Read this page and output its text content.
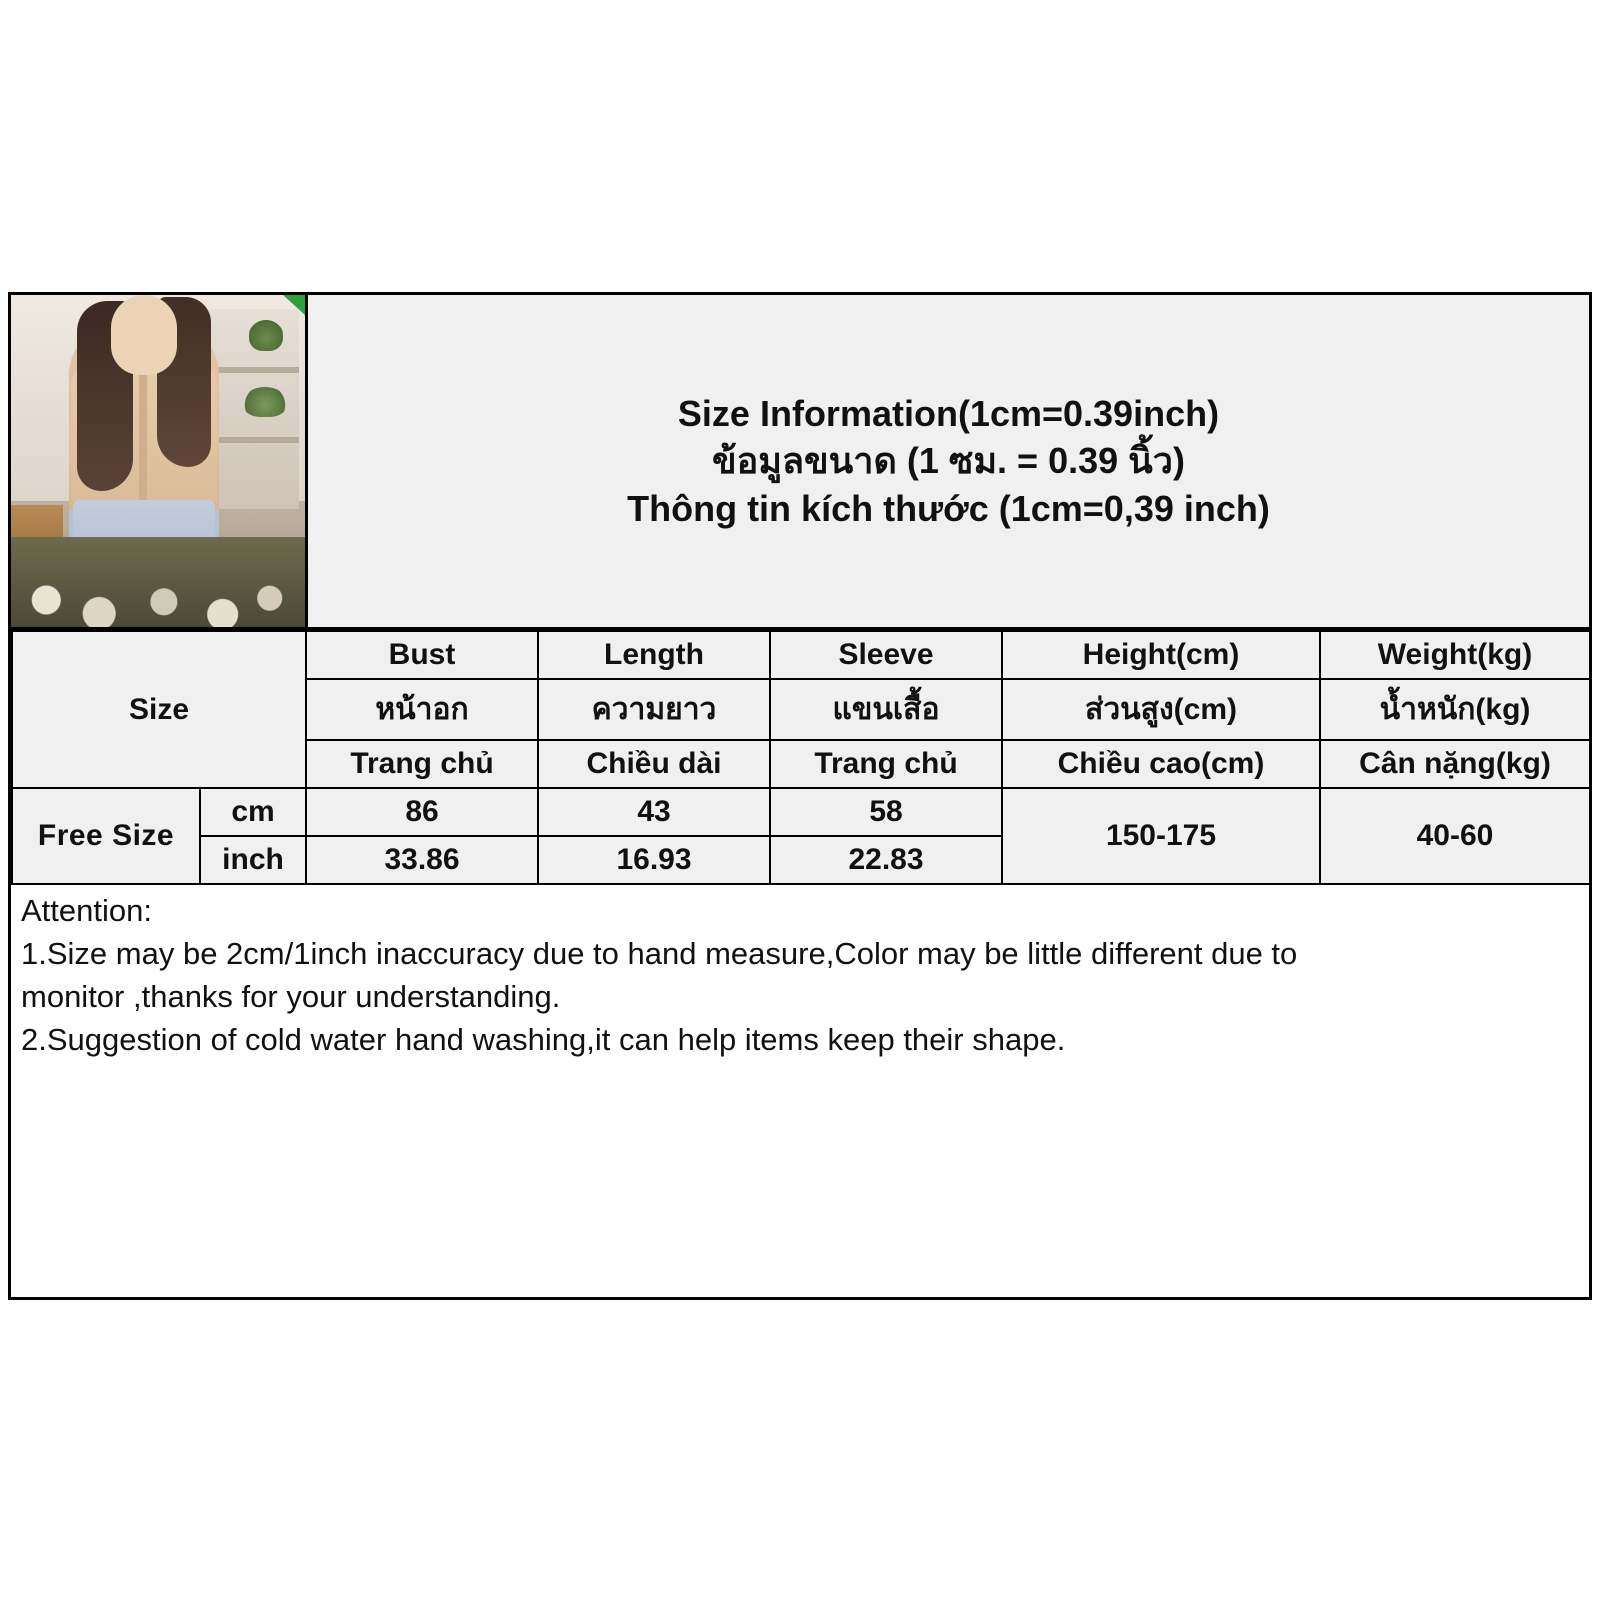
Size Information(1cm=0.39inch)
ข้อมูลขนาด (1 ซม. = 0.39 นิ้ว)
Thông tin kích thước (1cm=0,39 inch)
Size		Bust	Length	Sleeve	Height(cm)	Weight(kg)
		หน้าอก	ความยาว	แขนเสื้อ	ส่วนสูง(cm)	น้ำหนัก(kg)
		Trang chủ	Chiều dài	Trang chủ	Chiều cao(cm)	Cân nặng(kg)
Free Size	cm	86	43	58	150-175	40-60
	inch	33.86	16.93	22.83		

Attention:

1.Size may be 2cm/1inch inaccuracy due to hand measure,Color may be little different due to

monitor ,thanks for your understanding.

2.Suggestion of cold water hand washing,it can help items keep their shape.
